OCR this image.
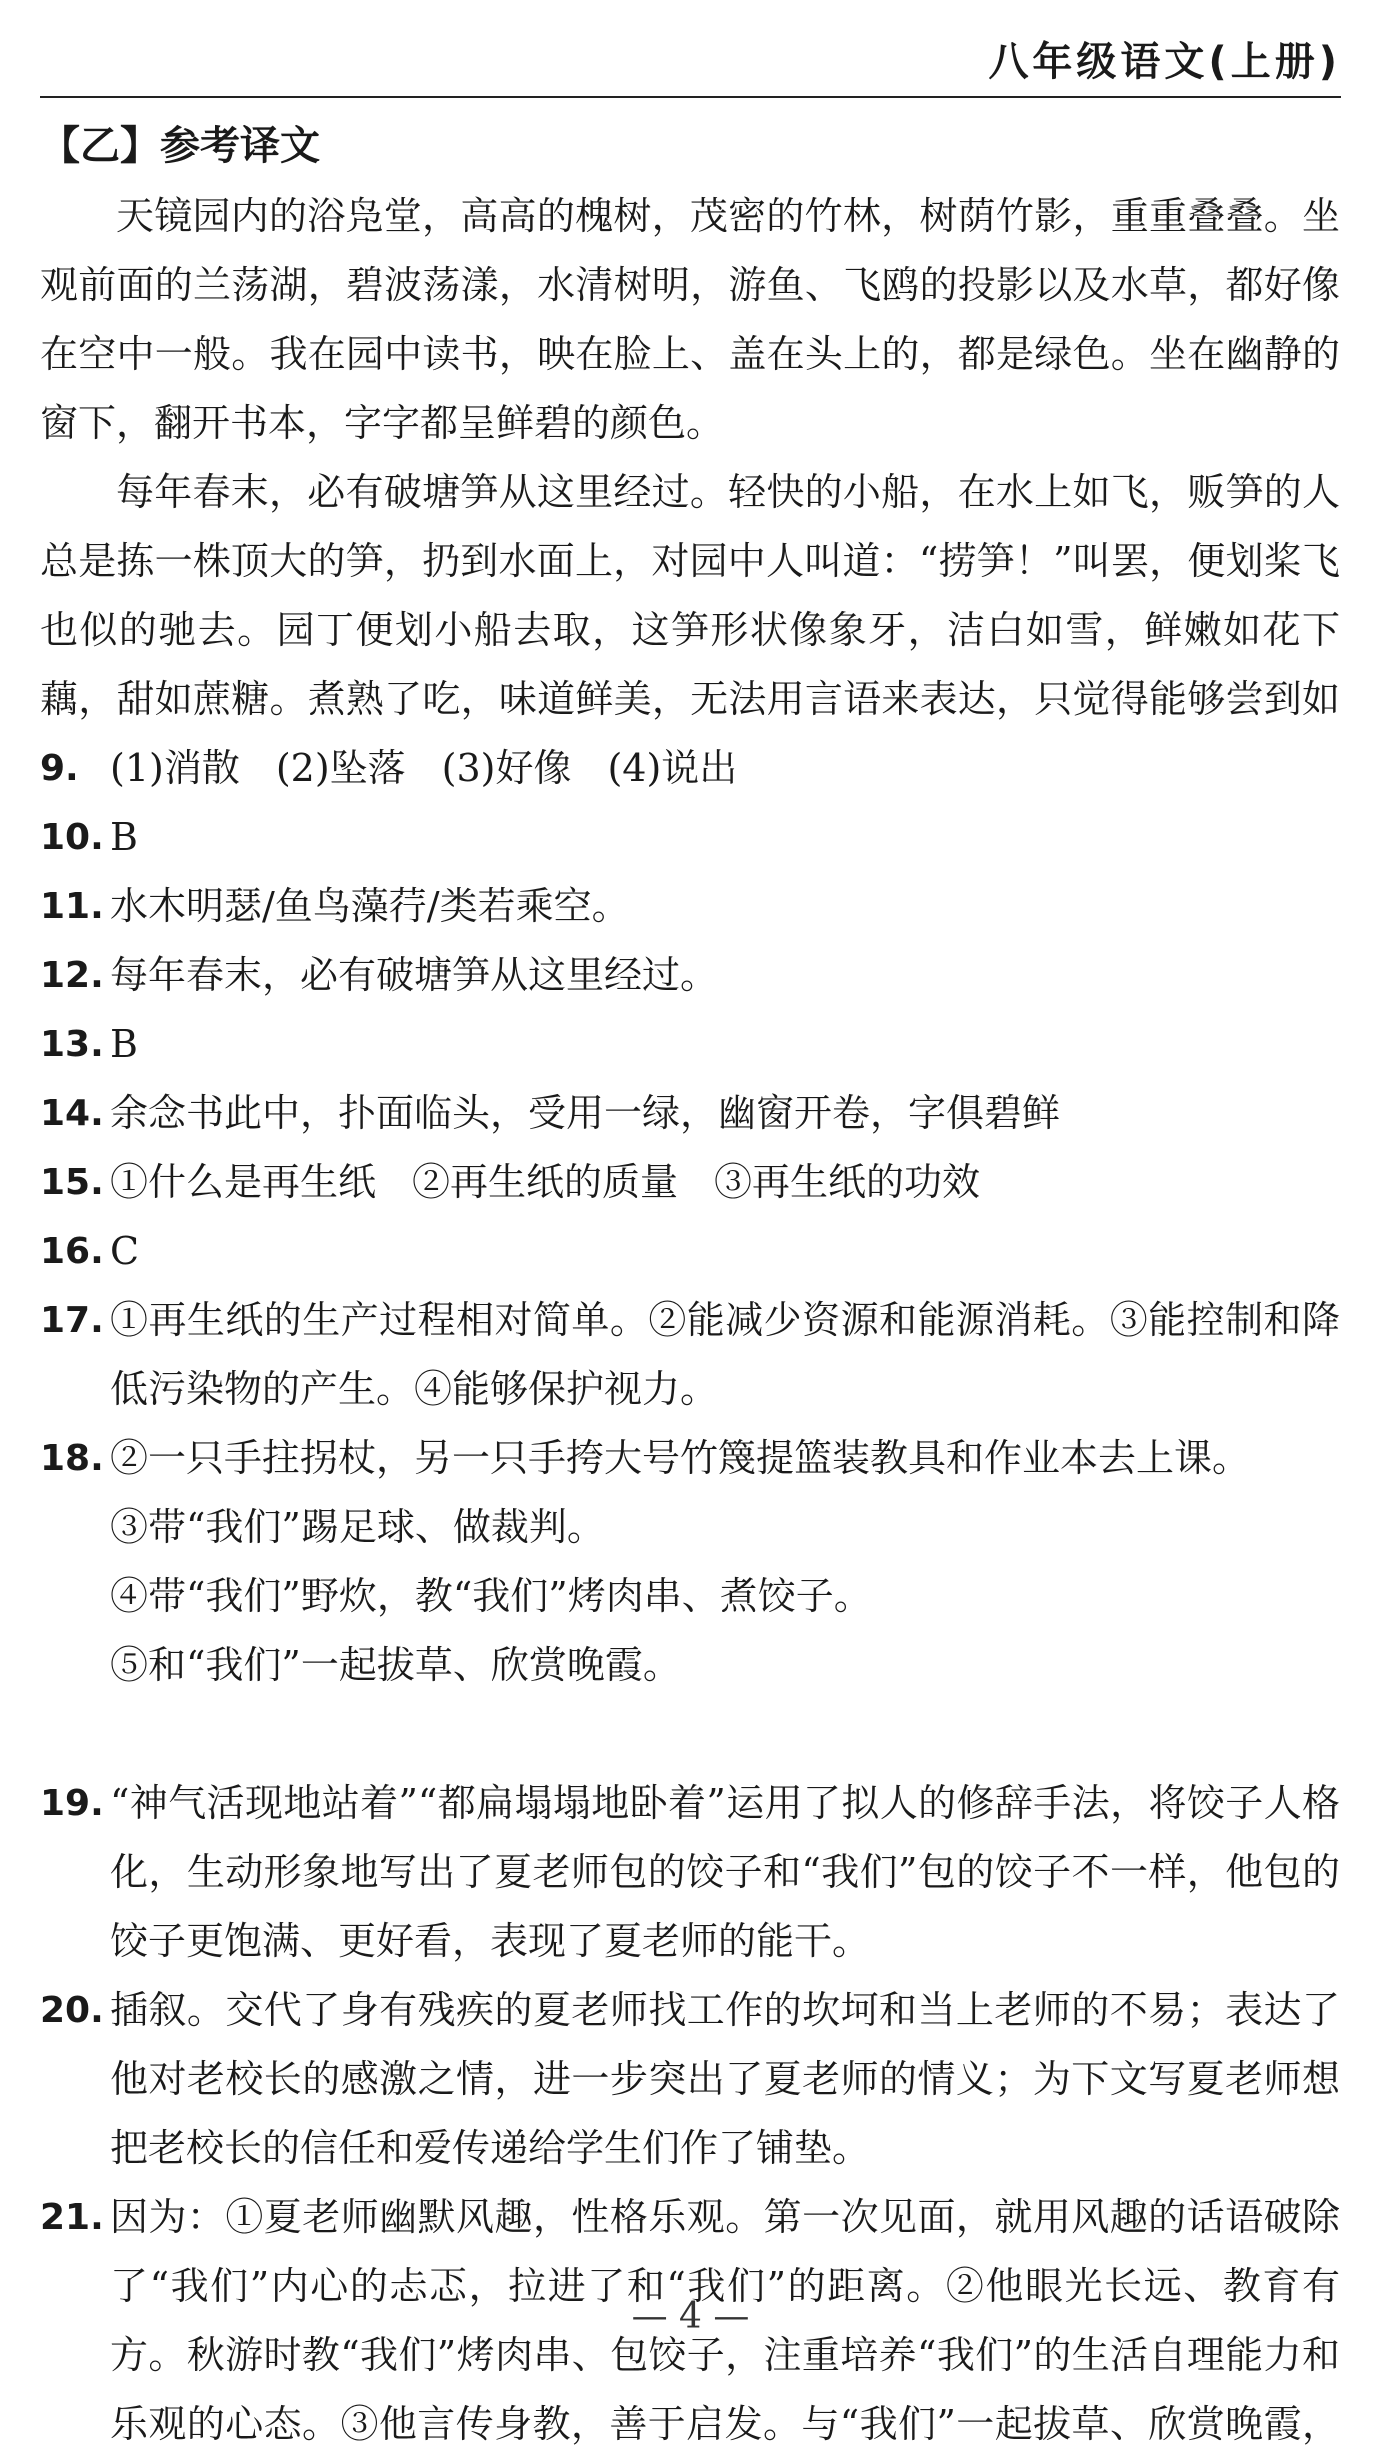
八年级语文(上册)
【乙】参考译文

天镜园内的浴凫堂，高高的槐树，茂密的竹林，树荫竹影，重重叠叠。坐观前面的兰荡湖，碧波荡漾，水清树明，游鱼、飞鸥的投影以及水草，都好像在空中一般。我在园中读书，映在脸上、盖在头上的，都是绿色。坐在幽静的窗下，翻开书本，字字都呈鲜碧的颜色。

每年春末，必有破塘笋从这里经过。轻快的小船，在水上如飞，贩笋的人总是拣一株顶大的笋，扔到水面上，对园中人叫道：“捞笋！”叫罢，便划桨飞也似的驰去。园丁便划小船去取，这笋形状像象牙，洁白如雪，鲜嫩如花下藕，甜如蔗糖。煮熟了吃，味道鲜美，无法用言语来表达，只觉得能够尝到如

9. (1)消散 (2)坠落 (3)好像 (4)说出
10. B
11. 水木明瑟/鱼鸟藻荇/类若乘空。
12. 每年春末，必有破塘笋从这里经过。
13. B
14. 余念书此中，扑面临头，受用一绿，幽窗开卷，字俱碧鲜
15. ①什么是再生纸 ②再生纸的质量 ③再生纸的功效
16. C
17. ①再生纸的生产过程相对简单。②能减少资源和能源消耗。③能控制和降低污染物的产生。④能够保护视力。
18. ②一只手拄拐杖，另一只手挎大号竹篾提篮装教具和作业本去上课。
③带“我们”踢足球、做裁判。
④带“我们”野炊，教“我们”烤肉串、煮饺子。
⑤和“我们”一起拔草、欣赏晚霞。
19. “神气活现地站着”“都扁塌塌地卧着”运用了拟人的修辞手法，将饺子人格化，生动形象地写出了夏老师包的饺子和“我们”包的饺子不一样，他包的饺子更饱满、更好看，表现了夏老师的能干。
20. 插叙。交代了身有残疾的夏老师找工作的坎坷和当上老师的不易；表达了他对老校长的感激之情，进一步突出了夏老师的情义；为下文写夏老师想把老校长的信任和爱传递给学生们作了铺垫。
21. 因为：①夏老师幽默风趣，性格乐观。第一次见面，就用风趣的话语破除了“我们”内心的忐忑，拉进了和“我们”的距离。②他眼光长远、教育有方。秋游时教“我们”烤肉串、包饺子，注重培养“我们”的生活自理能力和乐观的心态。③他言传身教，善于启发。与“我们”一起拔草、欣赏晚霞，
— 4 —
